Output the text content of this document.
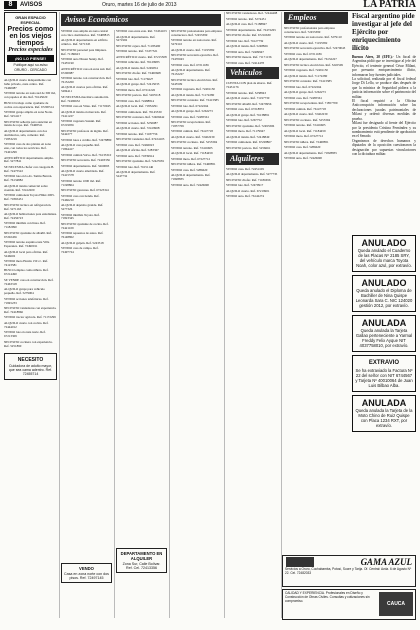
8	AVISOS	Oruro, martes 16 de julio de 2013	LA PATRIA
GRAN ESPACIO ESPECIAL
Precios como en los viejos tiempos
Precios especiales
¡NO LO PIENSE!
Publique aquí su aviso
ORURO - CERCADO

ALQUILO cuarto independiente con baño privado, zona centro. Ref. 72460087

VENDO terreno en zona sud de 300 m2, con papeles al día. Ref. 76145020

BUSCO trabajo como ayudante de cocina con experiencia. Ref. 67200514

VENDO garaje amplio en zona Norte. Ref. 5254117

NECESITO señorita para atención en tienda de ropa. Ref. 72468311

ALQUILO departamento con dos dormitorios, sala, comedor. Ref. 71853219

VENDO casa de dos plantas en zona este, con todos los servicios. Ref. 72401299

ANTICRÉTICO departamento amplio. Ref. 5277841

SE NECESITA chofer con categoría B. Ref. 72475522

VENDO lote en la Av. Tomás Barrón. Ref. 76134882

ALQUILO tienda comercial sobre avenida. Ref. 72412200

VENDO camioneta Toyota Hilux 2005. Ref. 71865431

NECESITO técnico en refrigeración. Ref. 5271163

ALQUILO habitaciones para estudiantes. Ref. 72456723

VENDO minibús con línea. Ref. 71182990

NECESITO ayudante de albañil. Ref. 67202456

VENDO terreno esquina zona Villa Esperanza. Ref. 72490011

ALQUILO local para oficina. Ref. 5246602

VENDO moto Honda 150 cc. Ref. 74123581

BUSCO empleo como niñera. Ref. 67214490

SE VENDE casa en construcción. Ref. 72463318

ALQUILO garaje para vehículo pequeño. Ref. 5279004

VENDO acciones telefónicas. Ref. 71845233

NECESITO vendedoras con experiencia. Ref. 72418866

VENDO tractor agrícola. Ref. 71172299

ALQUILO cuarto con cocina. Ref. 72444012

VENDO lote en zona norte. Ref. 67213309

NECESITO cocinera con experiencia. Ref. 5251890

NECESITO
Cuidadora de adulto mayor, que sea cama adentro. Ref. 72455714
Avisos Económicos

VENDO casa amplia en zona central con cinco dormitorios. Ref. 72408815

ALQUILO departamento en edificio céntrico. Ref. 5271345

NECESITO personal para limpieza. Ref. 71186623

VENDO auto Nissan Sunny. Ref. 72455190

ANTICRÉTICO casa en zona sud. Ref. 67200987

VENDO terreno con construcción. Ref. 76152200

ALQUILO cuartos para oficina. Ref. 5284411

SE NECESITA mecánico automotriz. Ref. 72490632

VENDO casa en Vinto. Ref. 71170045

ALQUILO tienda en mercado. Ref. 72411227

VENDO vagoneta Suzuki. Ref. 67219956

NECESITO profesora de inglés. Ref. 5242277

VENDO lotes a crédito. Ref. 72478880

ALQUILO casa pequeña. Ref. 71864417

VENDO camión Volvo. Ref. 76133310

NECESITO secretaria. Ref. 72403356

VENDO departamento. Ref. 5260093

ALQUILO cuarto amoblado. Ref. 72415578

VENDO terreno 1000 m2. Ref. 71198804

NECESITO garzones. Ref. 67223341

VENDO casa con tienda. Ref. 72466210

ALQUILO depósito grande. Ref. 5277326

VENDO minibús Toyota. Ref. 71823345

NECESITO ayudante de cocina. Ref. 72421109

VENDO repuestos de autos. Ref. 76148802

ALQUILO galpón. Ref. 5243318

VENDO casa de campo. Ref. 72497724

VENDO casa zona este. Ref. 72454103

ALQUILO departamento. Ref. 5271992

NECESITO cajera. Ref. 71183490

VENDO terreno. Ref. 72477321

ANTICRÉTICO cuarto. Ref. 67215508

VENDO vehículo. Ref. 76129983

ALQUILO tienda. Ref. 5249054

NECESITO chofer. Ref. 72400668

VENDO lote. Ref. 71176627

ALQUILO garaje. Ref. 72415033

VENDO moto. Ref. 67212226

NECESITO portero. Ref. 5265518

VENDO casa. Ref. 72488814

ALQUILO local. Ref. 71852291

VENDO camioneta. Ref. 76145530

NECESITO costurera. Ref. 72406642

VENDO acciones. Ref. 5250087

ALQUILO cuarto. Ref. 72419968

VENDO terreno. Ref. 71187756

NECESITO vendedor. Ref. 67224103

VENDO casa. Ref. 72460023

ALQUILO oficina. Ref. 5283367

VENDO auto. Ref. 71839914

NECESITO ayudante. Ref. 72425581

VENDO lote. Ref. 76151146

ALQUILO departamento. Ref. 5247732

NECESITO profesionales para empresa constructora. Ref. 72453399

VENDO terreno en zona norte. Ref. 5279110

ALQUILO cuarto. Ref. 71195582

NECESITO secretaria ejecutiva. Ref. 72470043

VENDO casa. Ref. 67211186

ALQUILO departamento. Ref. 76132227

NECESITO técnico electricista. Ref. 5245509

VENDO vagoneta. Ref. 72491150

ALQUILO tienda. Ref. 71172280

NECESITO contador. Ref. 72413385

VENDO lote. Ref. 67222264

ALQUILO garaje. Ref. 5262273

VENDO casa. Ref. 72485561

NECESITO recepcionista. Ref. 71857709

VENDO camión. Ref. 76147718

ALQUILO cuarto. Ref. 72402239

NECESITO cocinero. Ref. 5253394

VENDO terreno. Ref. 72416605

ALQUILO local. Ref. 71184459

VENDO moto. Ref. 67227712

NECESITO niñera. Ref. 72468851

VENDO casa. Ref. 5286620

ALQUILO departamento. Ref. 71828835

VENDO auto. Ref. 72426690

NECESITO vendedores. Ref. 72444408

VENDO terreno. Ref. 5274451

ALQUILO casa. Ref. 71188847

VENDO departamento. Ref. 72472265

NECESITO chofer. Ref. 67216630

VENDO lote. Ref. 76127759

ALQUILO tienda. Ref. 5248826

VENDO auto. Ref. 72409947

NECESITO mesera. Ref. 71171136

VENDO casa. Ref. 72414478

Vehículos

CUENTA CON plan de ahorro. Ref. 72431176

VENDO terreno. Ref. 5258843

ALQUILO cuarto. Ref. 71197730

NECESITO albañil. Ref. 72479956

VENDO casa. Ref. 67218872

ALQUILO garaje. Ref. 76138891

VENDO lote. Ref. 5267752

NECESITO ayudante. Ref. 72493306

VENDO moto. Ref. 71179947

ALQUILO tienda. Ref. 72418849

VENDO camioneta. Ref. 67228867

NECESITO portero. Ref. 5256661

Alquileres

VENDO casa. Ref. 72451109

ALQUILO departamento. Ref. 5277735

NECESITO chofer. Ref. 71186656

VENDO lote. Ref. 72479917

ALQUILO cuarto. Ref. 67219901

VENDO auto. Ref. 76142274

Empleos

NECESITO profesionales para empresa constructora. Ref. 72453399

VENDO terreno en zona norte. Ref. 5279110

ALQUILO cuarto. Ref. 71195582

NECESITO secretaria ejecutiva. Ref. 72470043

VENDO casa. Ref. 67211186

ALQUILO departamento. Ref. 76132227

NECESITO técnico electricista. Ref. 5245509

VENDO vagoneta. Ref. 72491150

ALQUILO tienda. Ref. 71172280

NECESITO contador. Ref. 72413385

VENDO lote. Ref. 67222264

ALQUILO garaje. Ref. 5262273

VENDO casa. Ref. 72485561

NECESITO recepcionista. Ref. 71857709

VENDO camión. Ref. 76147718

ALQUILO cuarto. Ref. 72402239

NECESITO cocinero. Ref. 5253394

VENDO terreno. Ref. 72416605

ALQUILO local. Ref. 71184459

VENDO moto. Ref. 67227712

NECESITO niñera. Ref. 72468851

VENDO casa. Ref. 5286620

ALQUILO departamento. Ref. 71828835

VENDO auto. Ref. 72426690

Fiscal argentino pide investigar al jefe del Ejército por enriquecimiento ilícito

Buenos Aires, 20 (EFE).- Un fiscal de Argentina pidió que se investigue al jefe del Ejército, el teniente general César Milani, por presunto enriquecimiento ilícito, informaron hoy fuentes judiciales.

La solicitud, realizada por el fiscal federal Jorge Di Lello, se produce días después de que la ministra de Seguridad pidiera a la justicia información sobre el patrimonio del militar.

El fiscal requirió a la Oficina Anticorrupción información sobre las declaraciones juradas patrimoniales de Milani y ordenó diversas medidas de prueba.

Milani fue designado al frente del Ejército por la presidenta Cristina Fernández y su nombramiento está pendiente de aprobación en el Senado.

Organismos de derechos humanos y diputados de la oposición cuestionaron la designación por supuestas vinculaciones con la dictadura militar.

ANULADO
Queda anulado el Cuaderno de las Placas Nº 2185 SRY, del vehículo marca Toyota Noah, color azul, por extravío.
ANULADO
Queda anulado el Diploma de Bachiller de Nina Quispe Leonarda Sara C. NIC 124020 gestión 2012, por extravío.
ANULADA
Queda anulada la Tarjeta Gallao perteneciente a Yarmal Freddy Felix Ayque NIT 4037758010, por extravío.
EXTRAVIO
Se ha extraviado la Factura Nº 22 del señor con NIT 6744567 y Tarjeta Nº 40010064 de Juan Luis Bilbao Alba.
ANULADA
Queda anulada la Tarjeta de la Moto Chino de Ruiz Quispe con Placa 1234 RXT, por extravío.
GAMA AZUL
Servicios a Oruro, Cochabamba, Potosí, Sucre y Tarija. Of. Central: Avda. 6 de Agosto Nº 22. Cel. 72482033
CALIDAD Y EXPERIENCIA. Profesionales en Diseño y Construcción de Obras Civiles. Consultas y cotizaciones sin compromiso.
CAUCA
DEPARTAMENTO EN ALQUILER
Zona Sur, Calle Bolívar. Ref. Cel. 72413356
VENDO
Casa en zona norte con dos pisos. Ref. 72497145
